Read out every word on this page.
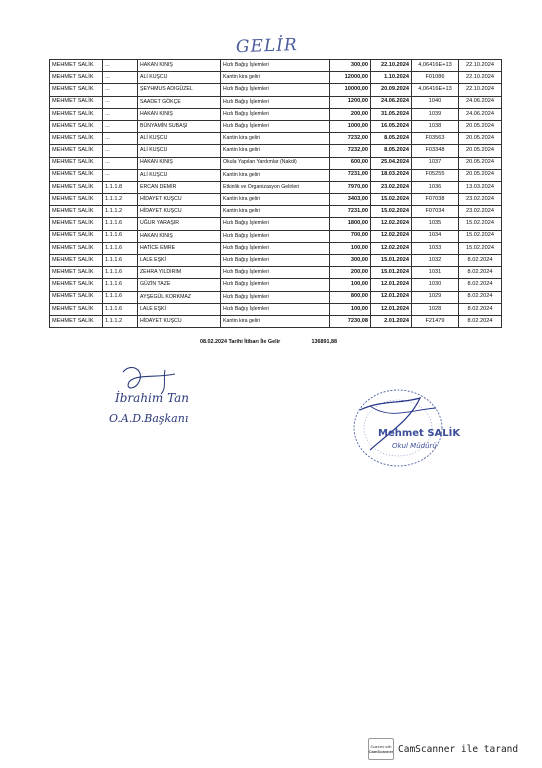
GELİR
MEHMET SALİK	...	HAKAN KINIŞ	Hızlı Bağış İşlemleri	300,00	22.10.2024	4,06416E+13	22.10.2024
MEHMET SALİK	...	ALİ KUŞCU	Kantin kira geliri	12000,00	1.10.2024	F01086	22.10.2024
MEHMET SALİK	...	ŞEYHMUS ADIGÜZEL	Hızlı Bağış İşlemleri	10000,00	20.09.2024	4,06416E+13	22.10.2024
MEHMET SALİK	...	SAADET GÖKÇE	Hızlı Bağış İşlemleri	1200,00	24.06.2024	1040	24.06.2024
MEHMET SALİK	...	HAKAN KINIŞ	Hızlı Bağış İşlemleri	200,00	31.05.2024	1039	24.06.2024
MEHMET SALİK	...	BÜNYAMİN SUBAŞI	Hızlı Bağış İşlemleri	1000,00	16.05.2024	1038	20.05.2024
MEHMET SALİK	...	ALİ KUŞCU	Kantin kira geliri	7232,00	8.05.2024	F03563	20.05.2024
MEHMET SALİK	...	ALİ KUŞCU	Kantin kira geliri	7232,00	8.05.2024	F03348	20.05.2024
MEHMET SALİK	...	HAKAN KINIŞ	Okula Yapılan Yardımlar (Nakdi)	600,00	25.04.2024	1037	20.05.2024
MEHMET SALİK	...	ALİ KUŞCU	Kantin kira geliri	7231,00	18.03.2024	F05255	20.05.2024
MEHMET SALİK	1.1.1.8	ERCAN DEMİR	Etkinlik ve Organizasyon Gelirleri	7970,00	23.02.2024	1036	13.03.2024
MEHMET SALİK	1.1.1.2	HİDAYET KUŞCU	Kantin kira geliri	3403,00	15.02.2024	F07038	23.02.2024
MEHMET SALİK	1.1.1.2	HİDAYET KUŞCU	Kantin kira geliri	7231,00	15.02.2024	F07034	23.02.2024
MEHMET SALİK	1.1.1.6	UĞUR YARAŞIR	Hızlı Bağış İşlemleri	1800,00	12.02.2024	1035	15.02.2024
MEHMET SALİK	1.1.1.6	HAKAN KINIŞ	Hızlı Bağış İşlemleri	700,00	12.02.2024	1034	15.02.2024
MEHMET SALİK	1.1.1.6	HATİCE EMRE	Hızlı Bağış İşlemleri	100,00	12.02.2024	1033	15.02.2024
MEHMET SALİK	1.1.1.6	LALE EŞKİ	Hızlı Bağış İşlemleri	300,00	15.01.2024	1032	8.02.2024
MEHMET SALİK	1.1.1.6	ZEHRA YILDIRIM	Hızlı Bağış İşlemleri	200,00	15.01.2024	1031	8.02.2024
MEHMET SALİK	1.1.1.6	GÜZİN TAZE	Hızlı Bağış İşlemleri	100,00	12.01.2024	1030	8.02.2024
MEHMET SALİK	1.1.1.6	AYŞEGÜL KORKMAZ	Hızlı Bağış İşlemleri	800,00	12.01.2024	1029	8.02.2024
MEHMET SALİK	1.1.1.6	LALE EŞKİ	Hızlı Bağış İşlemleri	100,00	12.01.2024	1028	8.02.2024
MEHMET SALİK	1.1.1.2	HİDAYET KUŞCU	Kantin kira geliri	7230,08	2.01.2024	F21479	8.02.2024
08.02.2024 Tarihi İtibarı İle Gelir	136891,88
İbrahim Tan
O.A.D.Başkanı
Mehmet SALİK
Okul Müdürü
Scanned with
CamScanner CamScanner ile tarand
